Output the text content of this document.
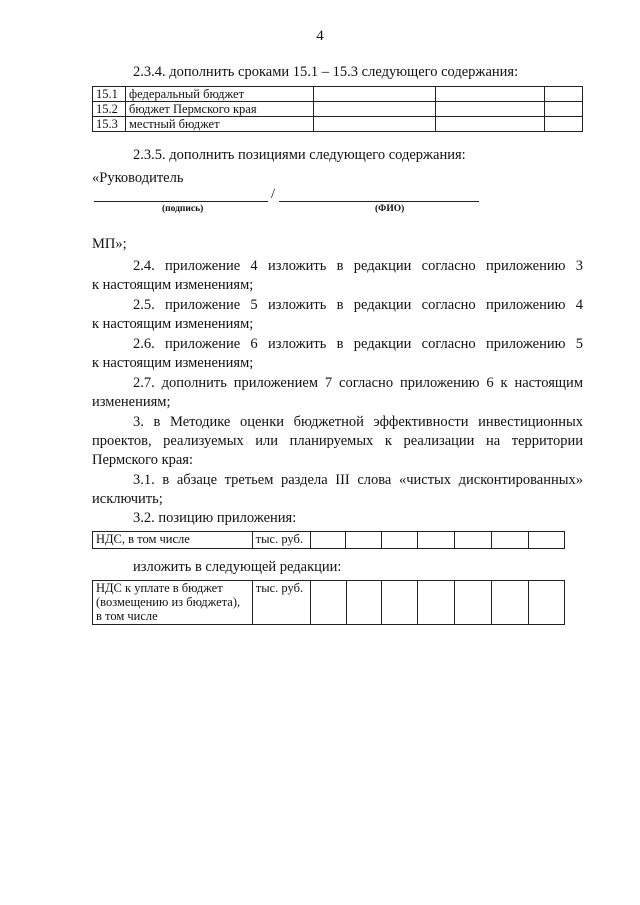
4
2.3.4. дополнить сроками 15.1 – 15.3 следующего содержания:
15.1	федеральный бюджет			
15.2	бюджет Пермского края			
15.3	местный бюджет			
2.3.5. дополнить позициями следующего содержания:
«Руководитель
/
(подпись)	(ФИО)
МП»;
2.4. приложение 4 изложить в редакции согласно приложению 3
к настоящим изменениям;
2.5. приложение 5 изложить в редакции согласно приложению 4
к настоящим изменениям;
2.6. приложение 6 изложить в редакции согласно приложению 5
к настоящим изменениям;
2.7. дополнить приложением 7 согласно приложению 6 к настоящим
изменениям;
3. в Методике оценки бюджетной эффективности инвестиционных
проектов, реализуемых или планируемых к реализации на территории
Пермского края:
3.1. в абзаце третьем раздела III слова «чистых дисконтированных»
исключить;
3.2. позицию приложения:
НДС, в том числе	тыс. руб.							
изложить в следующей редакции:
НДС к уплате в бюджет (возмещению из бюджета), в том числе	тыс. руб.							
